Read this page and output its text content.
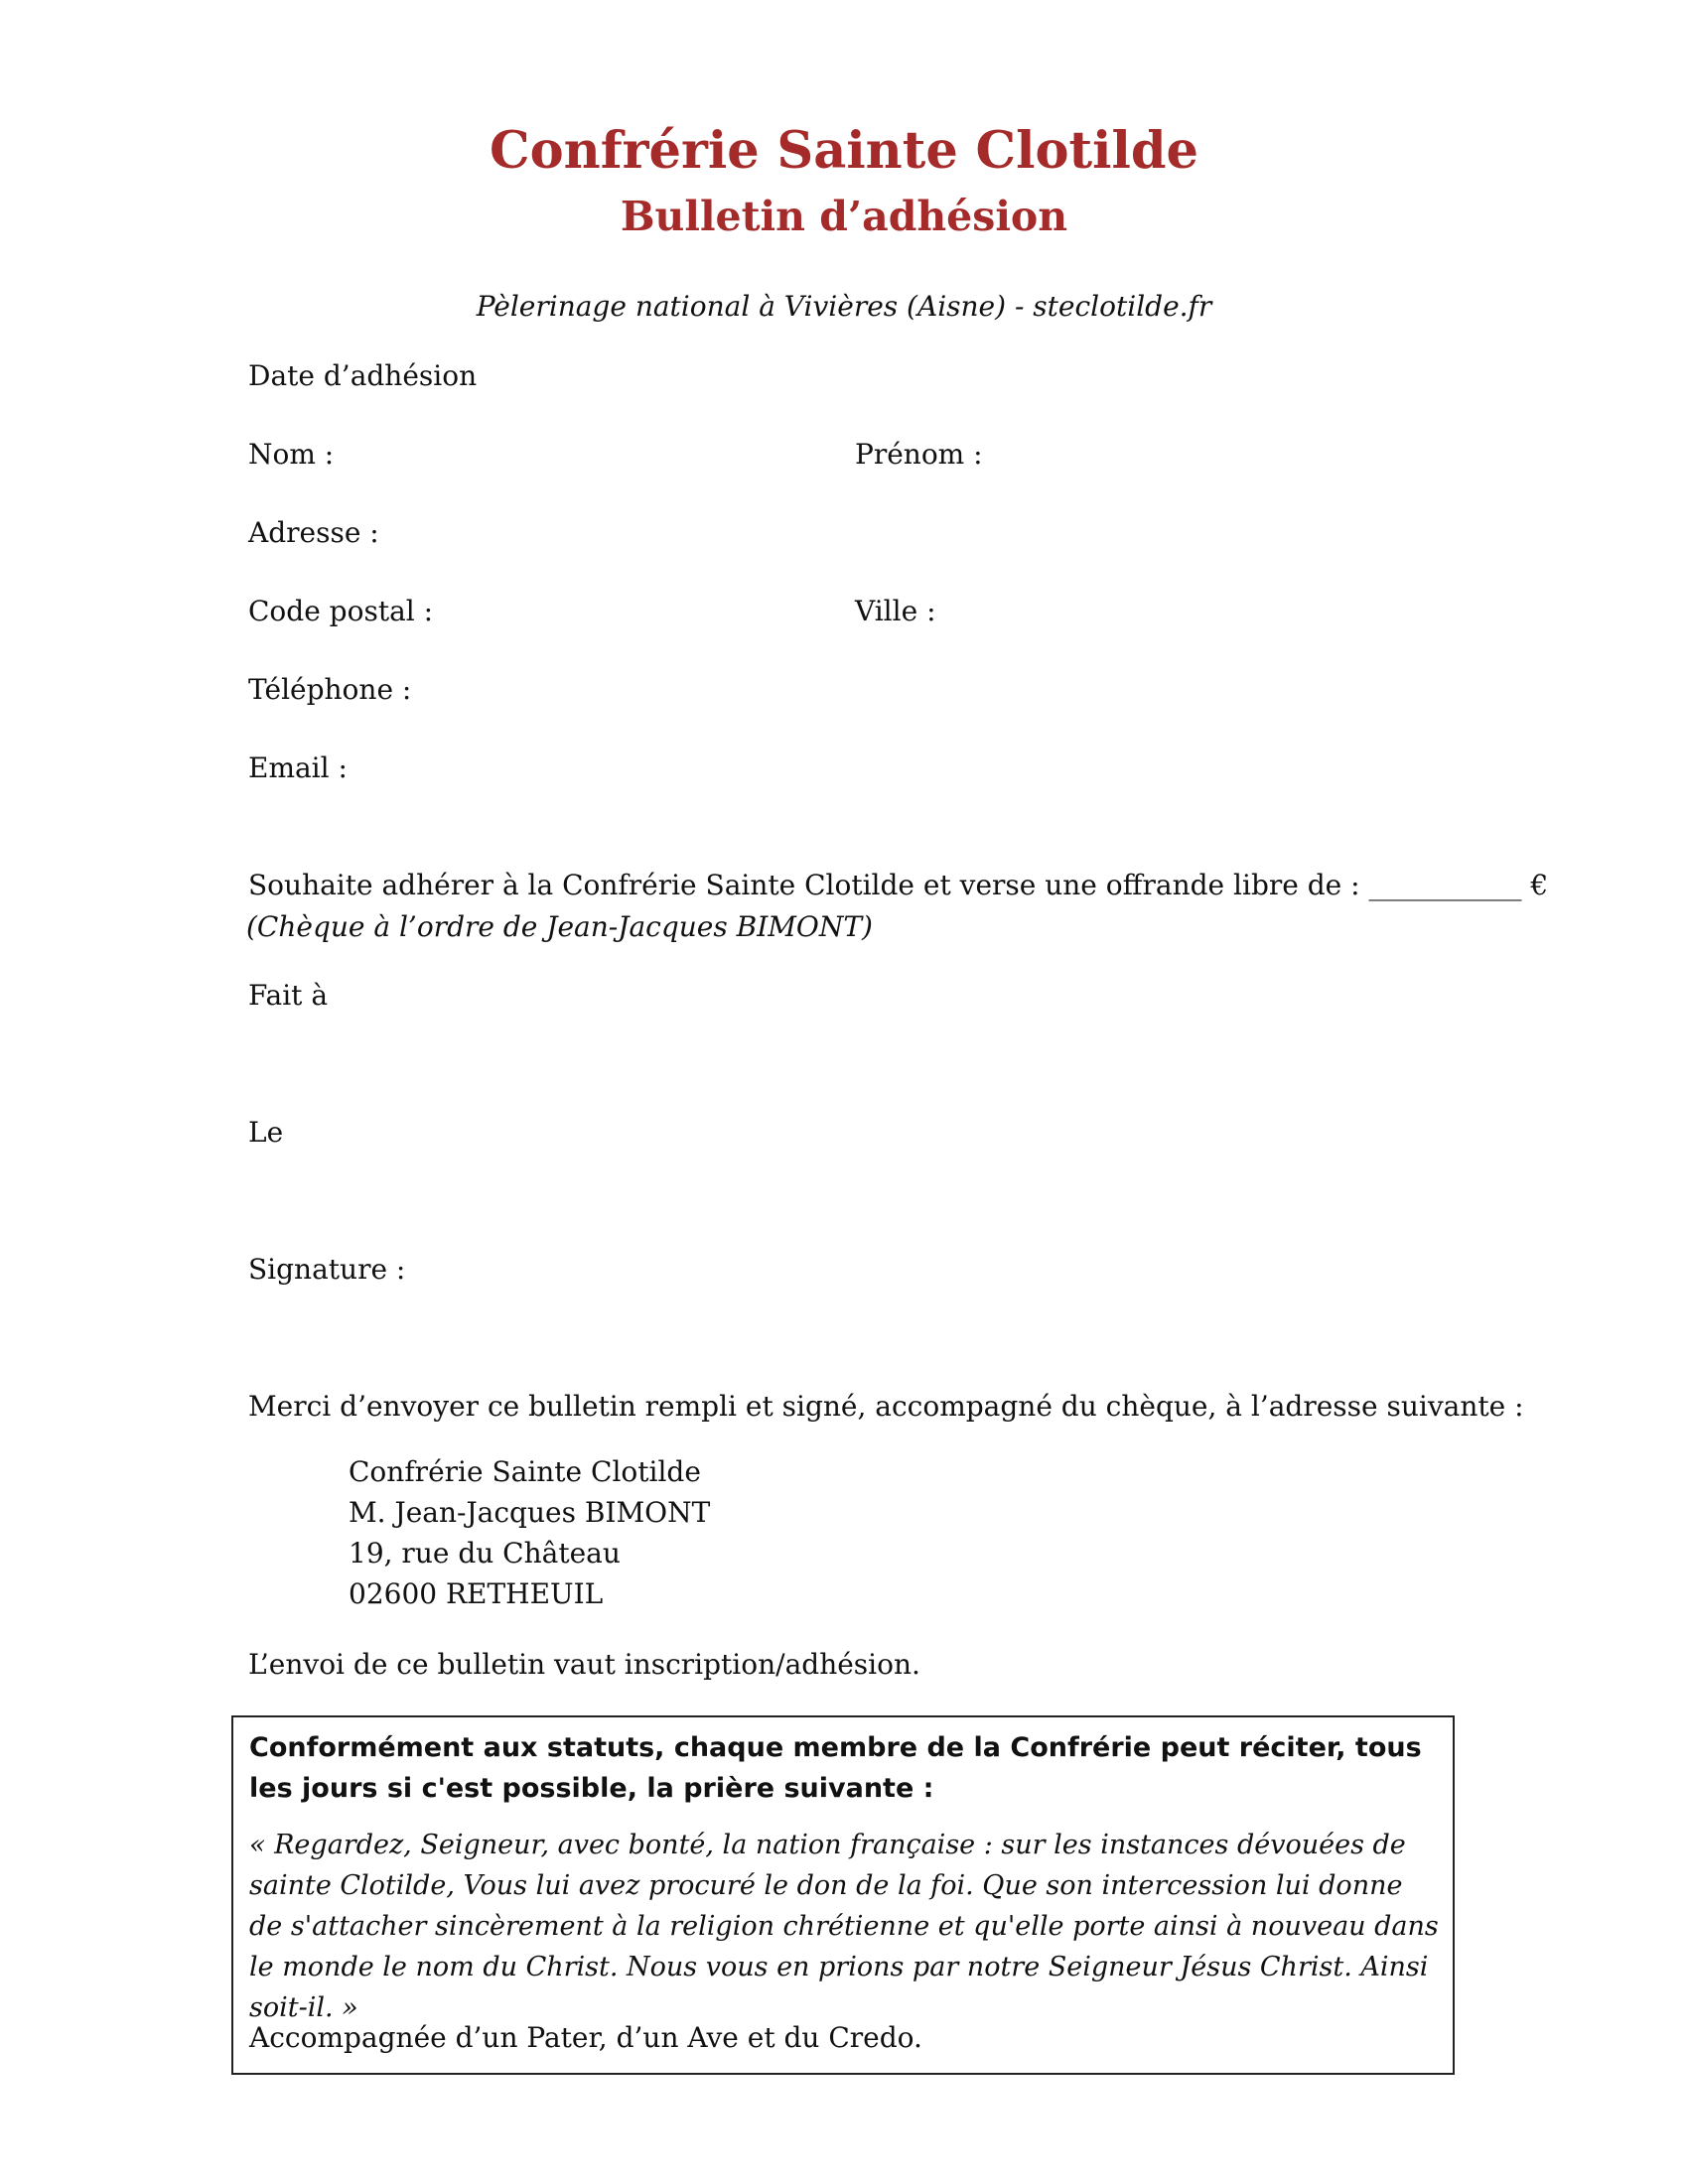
Confrérie Sainte Clotilde
Bulletin d’adhésion

Pèlerinage national à Vivières (Aisne) - steclotilde.fr

Date d’adhésion

Nom :	Prénom :

Adresse :

Code postal :	Ville :

Téléphone :

Email :

Souhaite adhérer à la Confrérie Sainte Clotilde et verse une offrande libre de : ___________ €

(Chèque à l’ordre de Jean-Jacques BIMONT)

Fait à

Le

Signature :

Merci d’envoyer ce bulletin rempli et signé, accompagné du chèque, à l’adresse suivante :

Confrérie Sainte Clotilde
M. Jean-Jacques BIMONT
19, rue du Château
02600 RETHEUIL

L’envoi de ce bulletin vaut inscription/adhésion.

Conformément aux statuts, chaque membre de la Confrérie peut réciter, tous les jours si c'est possible, la prière suivante :

« Regardez, Seigneur, avec bonté, la nation française : sur les instances dévouées de sainte Clotilde, Vous lui avez procuré le don de la foi. Que son intercession lui donne de s'attacher sincèrement à la religion chrétienne et qu'elle porte ainsi à nouveau dans le monde le nom du Christ. Nous vous en prions par notre Seigneur Jésus Christ. Ainsi soit-il. »

Accompagnée d’un Pater, d’un Ave et du Credo.
